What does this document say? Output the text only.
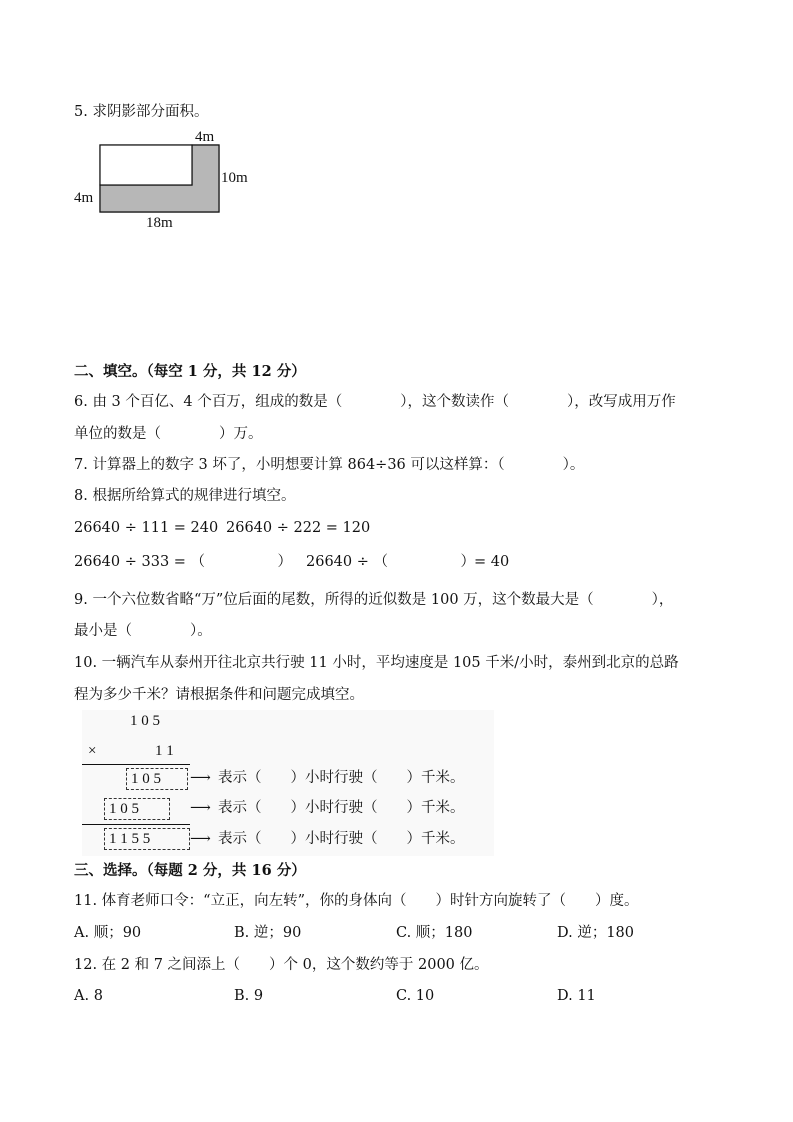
5. 求阴影部分面积。
4m
10m
4m
18m
二、填空。（每空 1 分，共 12 分）
6. 由 3 个百亿、4 个百万，组成的数是（　　　　），这个数读作（　　　　），改写成用万作
单位的数是（　　　　）万。
7. 计算器上的数字 3 坏了，小明想要计算 864÷36 可以这样算：（　　　　）。
8. 根据所给算式的规律进行填空。
26640 ÷ 111 = 240 26640 ÷ 222 = 120
26640 ÷ 333 = （　　　　　） 26640 ÷ （　　　　　） = 40
9. 一个六位数省略“万”位后面的尾数，所得的近似数是 100 万，这个数最大是（　　　　），
最小是（　　　　）。
10. 一辆汽车从泰州开往北京共行驶 11 小时，平均速度是 105 千米/小时，泰州到北京的总路
程为多少千米？请根据条件和问题完成填空。
1 0 5
×	1 1
1 0 5 ⟶ 表示（　　）小时行驶（　　）千米。
1 0 5	⟶ 表示（　　）小时行驶（　　）千米。
1 1 5 5	⟶ 表示（　　）小时行驶（　　）千米。
三、选择。（每题 2 分，共 16 分）
11. 体育老师口令：“立正，向左转”，你的身体向（　　）时针方向旋转了（　　）度。
A. 顺；90	B. 逆；90	C. 顺；180	D. 逆；180
12. 在 2 和 7 之间添上（　　）个 0，这个数约等于 2000 亿。
A. 8	B. 9	C. 10	D. 11
